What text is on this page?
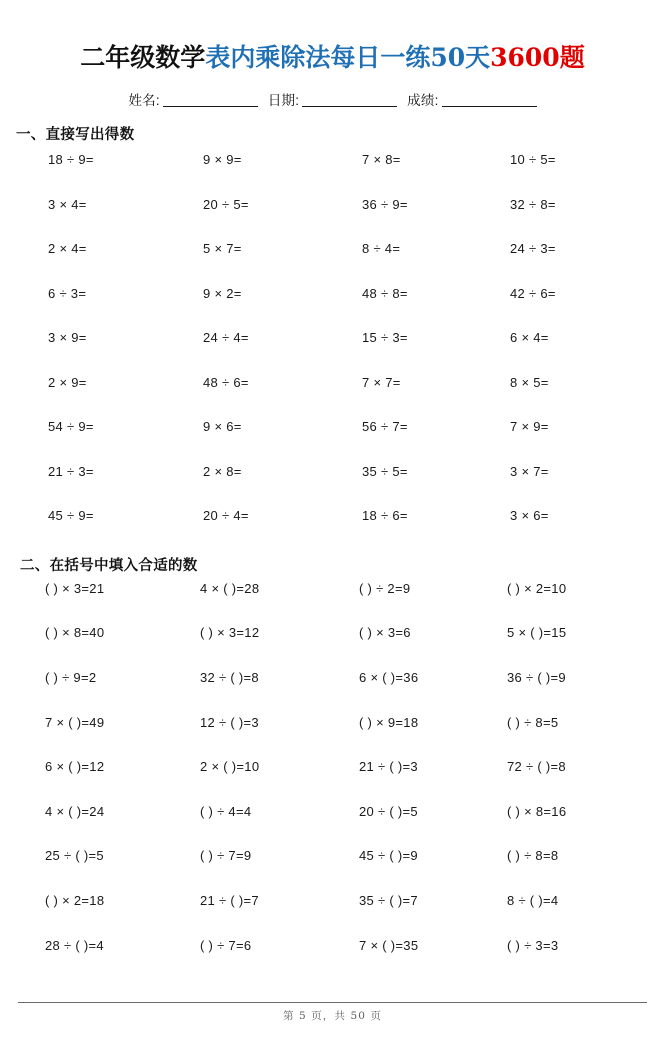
二年级数学表内乘除法每日一练50天3600题
姓名:	日期:	成绩:
一、直接写出得数
18 ÷ 9=	9 × 9=	7 × 8=	10 ÷ 5=
3 × 4=	20 ÷ 5=	36 ÷ 9=	32 ÷ 8=
2 × 4=	5 × 7=	8 ÷ 4=	24 ÷ 3=
6 ÷ 3=	9 × 2=	48 ÷ 8=	42 ÷ 6=
3 × 9=	24 ÷ 4=	15 ÷ 3=	6 × 4=
2 × 9=	48 ÷ 6=	7 × 7=	8 × 5=
54 ÷ 9=	9 × 6=	56 ÷ 7=	7 × 9=
21 ÷ 3=	2 × 8=	35 ÷ 5=	3 × 7=
45 ÷ 9=	20 ÷ 4=	18 ÷ 6=	3 × 6=
二、在括号中填入合适的数
( ) × 3=21	4 × ( )=28	( ) ÷ 2=9	( ) × 2=10
( ) × 8=40	( ) × 3=12	( ) × 3=6	5 × ( )=15
( ) ÷ 9=2	32 ÷ ( )=8	6 × ( )=36	36 ÷ ( )=9
7 × ( )=49	12 ÷ ( )=3	( ) × 9=18	( ) ÷ 8=5
6 × ( )=12	2 × ( )=10	21 ÷ ( )=3	72 ÷ ( )=8
4 × ( )=24	( ) ÷ 4=4	20 ÷ ( )=5	( ) × 8=16
25 ÷ ( )=5	( ) ÷ 7=9	45 ÷ ( )=9	( ) ÷ 8=8
( ) × 2=18	21 ÷ ( )=7	35 ÷ ( )=7	8 ÷ ( )=4
28 ÷ ( )=4	( ) ÷ 7=6	7 × ( )=35	( ) ÷ 3=3
第 5 页，共 50 页
